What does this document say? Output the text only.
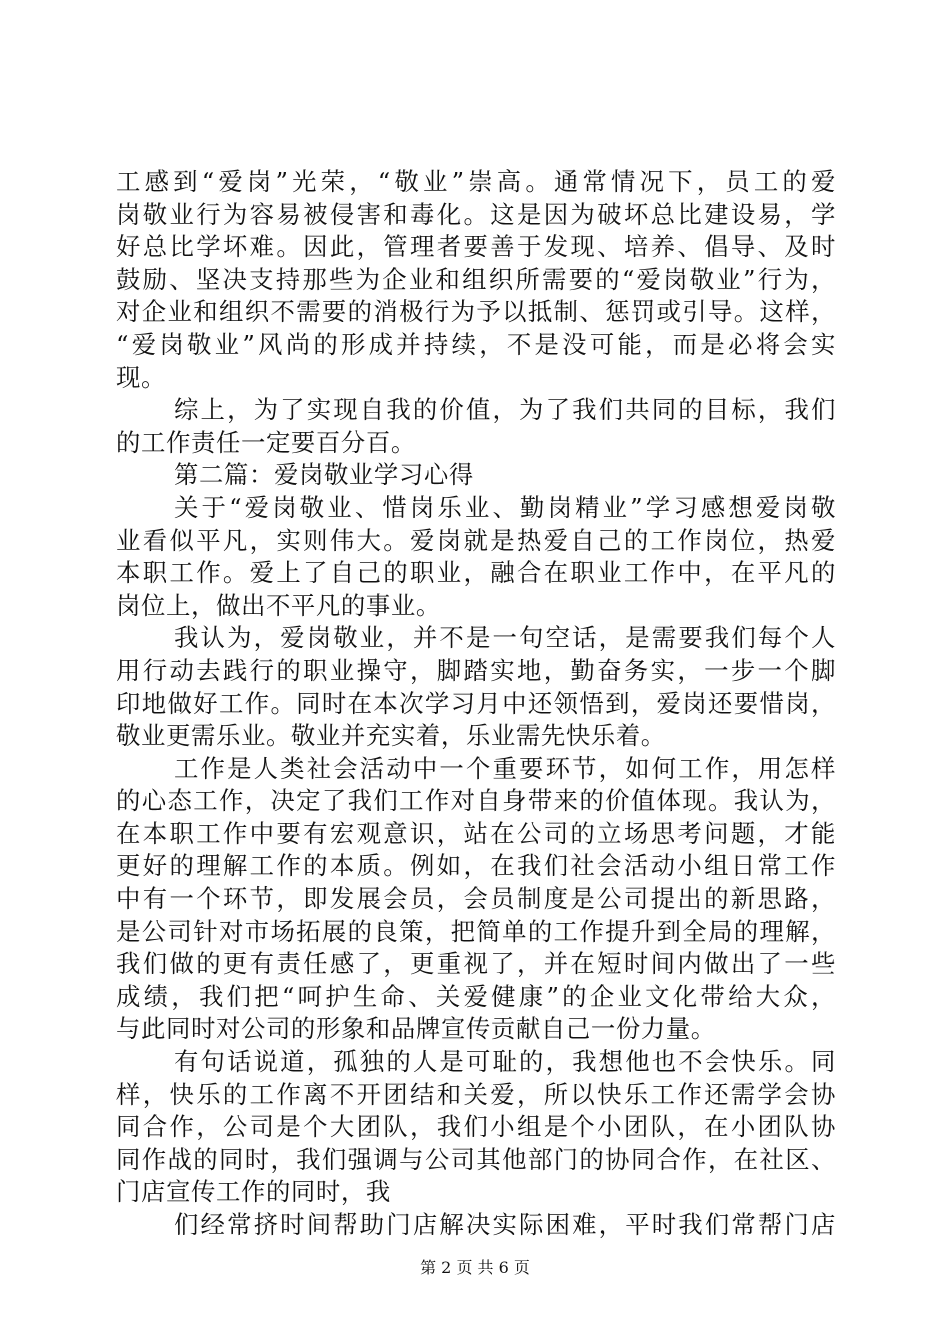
工感到“爱岗”光荣，“敬业”崇高。通常情况下，员工的爱
岗敬业行为容易被侵害和毒化。这是因为破坏总比建设易，学
好总比学坏难。因此，管理者要善于发现、培养、倡导、及时
鼓励、坚决支持那些为企业和组织所需要的“爱岗敬业”行为，
对企业和组织不需要的消极行为予以抵制、惩罚或引导。这样，
“爱岗敬业”风尚的形成并持续，不是没可能，而是必将会实
现。
综上，为了实现自我的价值，为了我们共同的目标，我们
的工作责任一定要百分百。
第二篇：爱岗敬业学习心得
关于“爱岗敬业、惜岗乐业、勤岗精业”学习感想爱岗敬
业看似平凡，实则伟大。爱岗就是热爱自己的工作岗位，热爱
本职工作。爱上了自己的职业，融合在职业工作中，在平凡的
岗位上，做出不平凡的事业。
我认为，爱岗敬业，并不是一句空话，是需要我们每个人
用行动去践行的职业操守，脚踏实地，勤奋务实，一步一个脚
印地做好工作。同时在本次学习月中还领悟到，爱岗还要惜岗，
敬业更需乐业。敬业并充实着，乐业需先快乐着。
工作是人类社会活动中一个重要环节，如何工作，用怎样
的心态工作，决定了我们工作对自身带来的价值体现。我认为，
在本职工作中要有宏观意识，站在公司的立场思考问题，才能
更好的理解工作的本质。例如，在我们社会活动小组日常工作
中有一个环节，即发展会员，会员制度是公司提出的新思路，
是公司针对市场拓展的良策，把简单的工作提升到全局的理解，
我们做的更有责任感了，更重视了，并在短时间内做出了一些
成绩，我们把“呵护生命、关爱健康”的企业文化带给大众，
与此同时对公司的形象和品牌宣传贡献自己一份力量。
有句话说道，孤独的人是可耻的，我想他也不会快乐。同
样，快乐的工作离不开团结和关爱，所以快乐工作还需学会协
同合作，公司是个大团队，我们小组是个小团队，在小团队协
同作战的同时，我们强调与公司其他部门的协同合作，在社区、
门店宣传工作的同时，我
们经常挤时间帮助门店解决实际困难，平时我们常帮门店
第 2 页 共 6 页
